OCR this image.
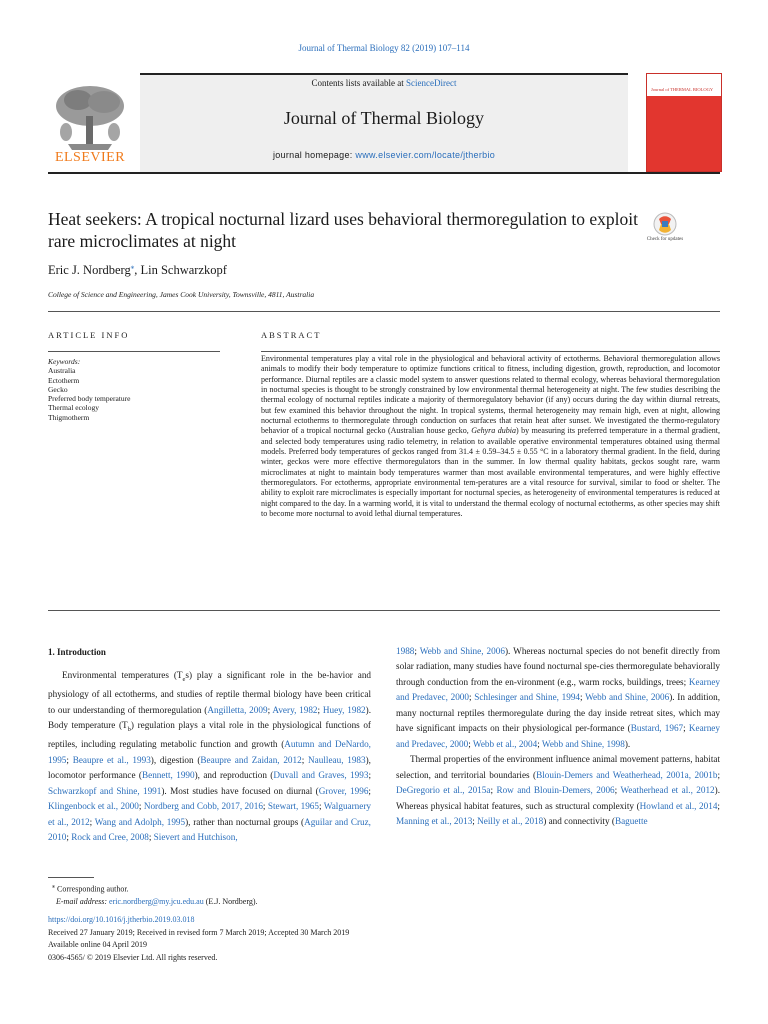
Journal of Thermal Biology 82 (2019) 107–114
Contents lists available at ScienceDirect
Journal of Thermal Biology
journal homepage: www.elsevier.com/locate/jtherbio
ELSEVIER
Journal of THERMAL BIOLOGY
Heat seekers: A tropical nocturnal lizard uses behavioral thermoregulation to exploit rare microclimates at night	Check for updates
Eric J. Nordberg⁎, Lin Schwarzkopf
College of Science and Engineering, James Cook University, Townsville, 4811, Australia
ARTICLE INFO	ABSTRACT
Keywords:
Australia
Ectotherm
Gecko
Preferred body temperature
Thermal ecology
Thigmotherm
Environmental temperatures play a vital role in the physiological and behavioral activity of ectotherms. Behavioral thermoregulation allows animals to modify their body temperature to optimize functions critical to fitness, including digestion, growth, reproduction, and locomotor performance. Diurnal reptiles are a classic model system to answer questions related to thermal ecology, whereas behavioral thermoregulation in nocturnal species is thought to be strongly constrained by low environmental thermal heterogeneity at night. The few studies describing the thermal ecology of nocturnal reptiles indicate a majority of thermoregulatory behavior (if any) occurs during the day within diurnal retreats, but few examined this behavior throughout the night. In tropical systems, thermal heterogeneity may remain high, even at night, allowing nocturnal ectotherms to thermoregulate through conduction on surfaces that retain heat after sunset. We investigated the thermo-regulatory behavior of a tropical nocturnal gecko (Australian house gecko, Gehyra dubia) by measuring its preferred temperature in a thermal gradient, and selected body temperatures using radio telemetry, in relation to available operative environmental temperatures obtained using thermal models. Preferred body temperatures of geckos ranged from 31.4 ± 0.59–34.5 ± 0.55 °C in a laboratory thermal gradient. In the field, during winter, geckos were more effective thermoregulators than in the summer. In low thermal quality habitats, geckos sought rare, warm microclimates at night to maintain body temperatures warmer than most available environmental temperatures, and were highly effective thermoregulators. For ectotherms, appropriate environmental tem-peratures are a vital resource for survival, similar to food or shelter. The ability to exploit rare microclimates is especially important for nocturnal species, as heterogeneity of environmental temperatures is reduced at night compared to the day. In a warming world, it is vital to understand the thermal ecology of nocturnal ectotherms, as other species may shift to become more nocturnal to avoid lethal diurnal temperatures.
1. Introduction

Environmental temperatures $(T_es)$ play a significant role in the be-havior and physiology of all ectotherms, and studies of reptile thermal biology have been critical to our understanding of thermoregulation (Angilletta, 2009; Avery, 1982; Huey, 1982). Body temperature $(T_b)$ regulation plays a vital role in the physiological functions of reptiles, including regulating metabolic function and growth (Autumn and DeNardo, 1995; Beaupre et al., 1993), digestion (Beaupre and Zaidan, 2012; Naulleau, 1983), locomotor performance (Bennett, 1990), and reproduction (Duvall and Graves, 1993; Schwarzkopf and Shine, 1991). Most studies have focused on diurnal (Grover, 1996; Klingenbock et al., 2000; Nordberg and Cobb, 2017, 2016; Stewart, 1965; Walguarnery et al., 2012; Wang and Adolph, 1995), rather than nocturnal groups (Aguilar and Cruz, 2010; Rock and Cree, 2008; Sievert and Hutchison,

1988; Webb and Shine, 2006). Whereas nocturnal species do not benefit directly from solar radiation, many studies have found nocturnal spe-cies thermoregulate behaviorally through conduction from the en-vironment (e.g., warm rocks, buildings, trees; Kearney and Predavec, 2000; Schlesinger and Shine, 1994; Webb and Shine, 2006). In addition, many nocturnal reptiles thermoregulate during the day inside retreat sites, which may have significant impacts on their physiological per-formance (Bustard, 1967; Kearney and Predavec, 2000; Webb et al., 2004; Webb and Shine, 1998).

Thermal properties of the environment influence animal movement patterns, habitat selection, and territorial boundaries (Blouin-Demers and Weatherhead, 2001a, 2001b; DeGregorio et al., 2015a; Row and Blouin-Demers, 2006; Weatherhead et al., 2012). Whereas physical habitat features, such as structural complexity (Howland et al., 2014; Manning et al., 2013; Neilly et al., 2018) and connectivity (Baguette

⁎ Corresponding author.
E-mail address: eric.nordberg@my.jcu.edu.au (E.J. Nordberg).
https://doi.org/10.1016/j.jtherbio.2019.03.018
Received 27 January 2019; Received in revised form 7 March 2019; Accepted 30 March 2019
Available online 04 April 2019
0306-4565/ © 2019 Elsevier Ltd. All rights reserved.
